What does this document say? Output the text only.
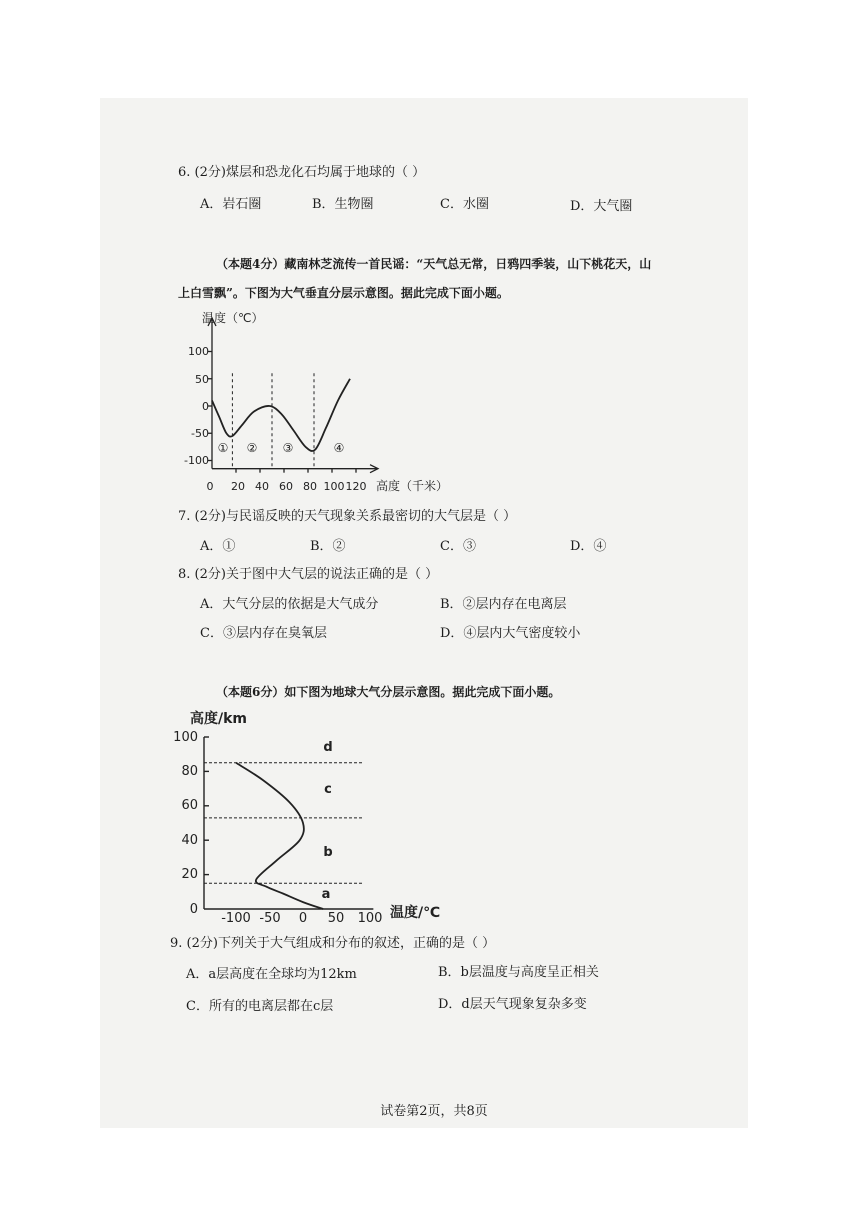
6. (2分)煤层和恐龙化石均属于地球的（ ）
A．岩石圈	B．生物圈	C．水圈	D．大气圈
（本题4分）藏南林芝流传一首民谣：“天气总无常，日鸦四季装，山下桃花天，山
上白雪飘”。下图为大气垂直分层示意图。据此完成下面小题。
温度（℃）
高度（千米）
100
50
0
-50
-100
0 20 40 60 80 100 120
① ② ③	④
7. (2分)与民谣反映的天气现象关系最密切的大气层是（ ）
A．①	B．②	C．③	D．④
8. (2分)关于图中大气层的说法正确的是（ ）
A．大气分层的依据是大气成分	B．②层内存在电离层
C．③层内存在臭氧层	D．④层内大气密度较小
（本题6分）如下图为地球大气分层示意图。据此完成下面小题。
高度/km
温度/℃
100
80
60
40
20
0
-100 -50 0 50 100
d
c
b
a
9. (2分)下列关于大气组成和分布的叙述，正确的是（ ）
A．a层高度在全球均为12km	B．b层温度与高度呈正相关
C．所有的电离层都在c层	D．d层天气现象复杂多变
试卷第2页，共8页
